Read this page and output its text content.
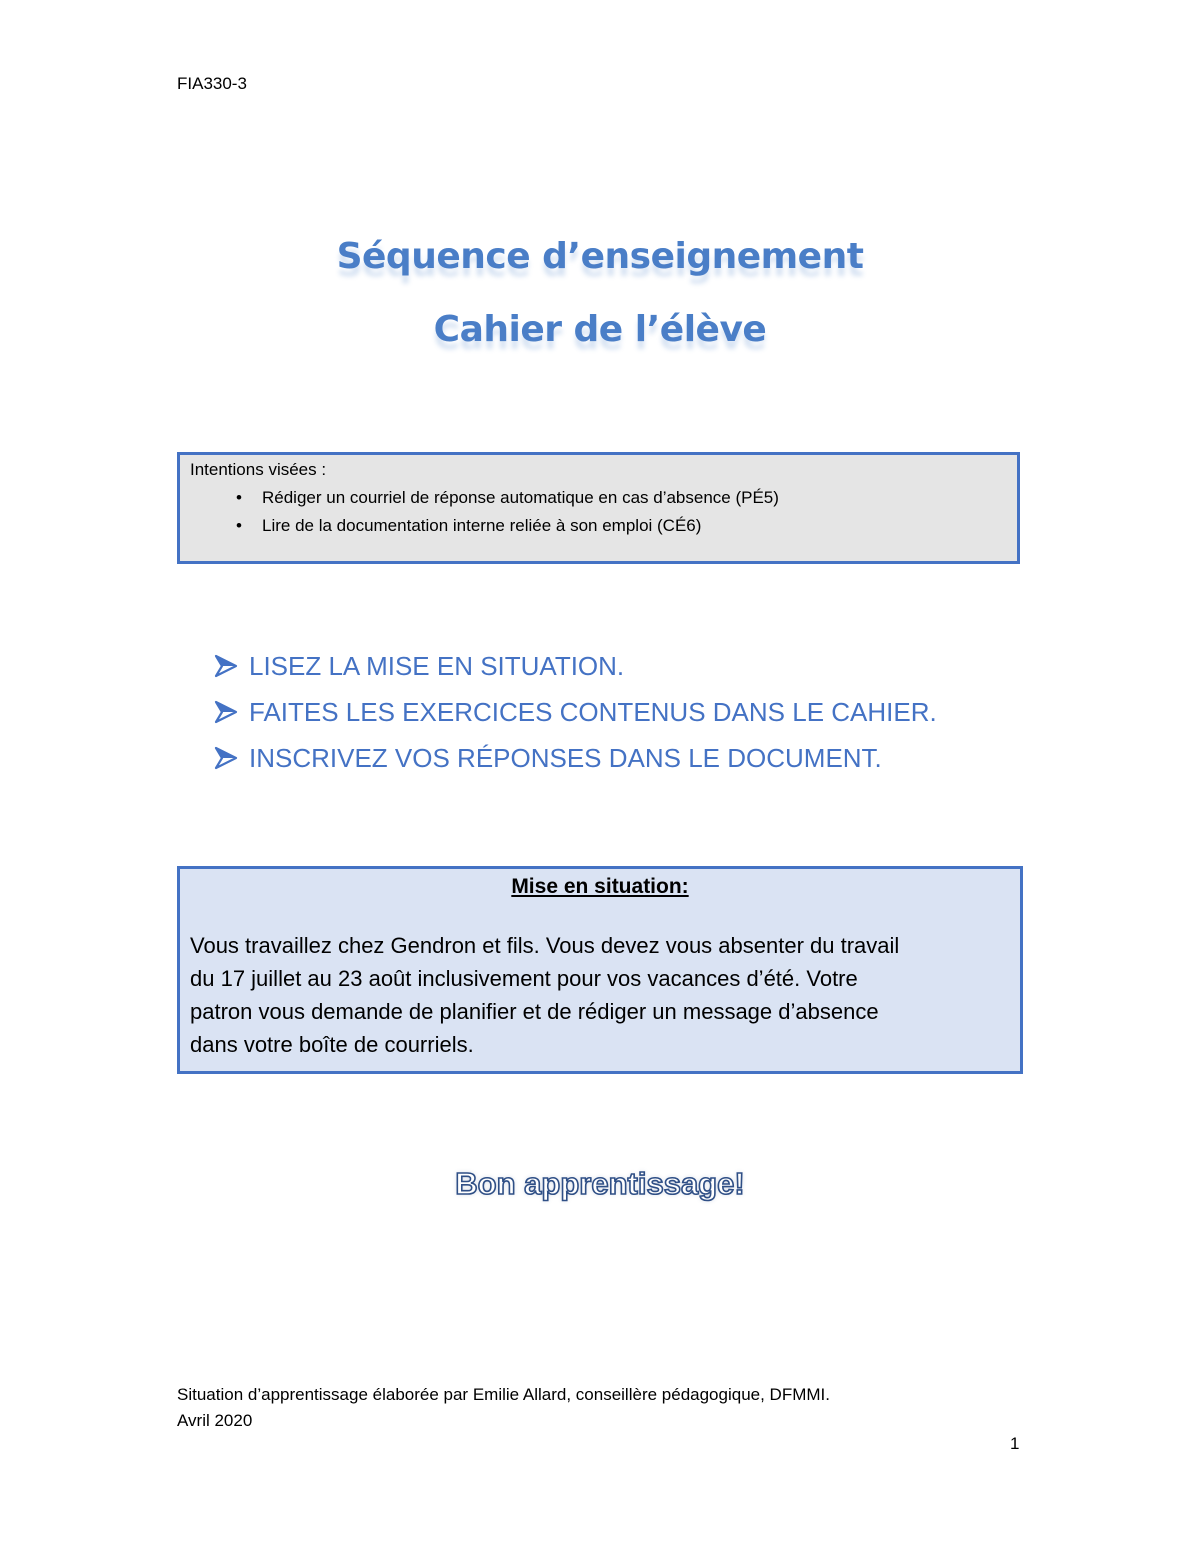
FIA330-3
Séquence d’enseignement
Cahier de l’élève
Intentions visées :
• Rédiger un courriel de réponse automatique en cas d’absence (PÉ5)
• Lire de la documentation interne reliée à son emploi (CÉ6)
LISEZ LA MISE EN SITUATION.
FAITES LES EXERCICES CONTENUS DANS LE CAHIER.
INSCRIVEZ VOS RÉPONSES DANS LE DOCUMENT.
Mise en situation:
Vous travaillez chez Gendron et fils. Vous devez vous absenter du travail
du 17 juillet au 23 août inclusivement pour vos vacances d’été. Votre
patron vous demande de planifier et de rédiger un message d’absence
dans votre boîte de courriels.
Bon apprentissage!
Situation d’apprentissage élaborée par Emilie Allard, conseillère pédagogique, DFMMI.
Avril 2020
1
